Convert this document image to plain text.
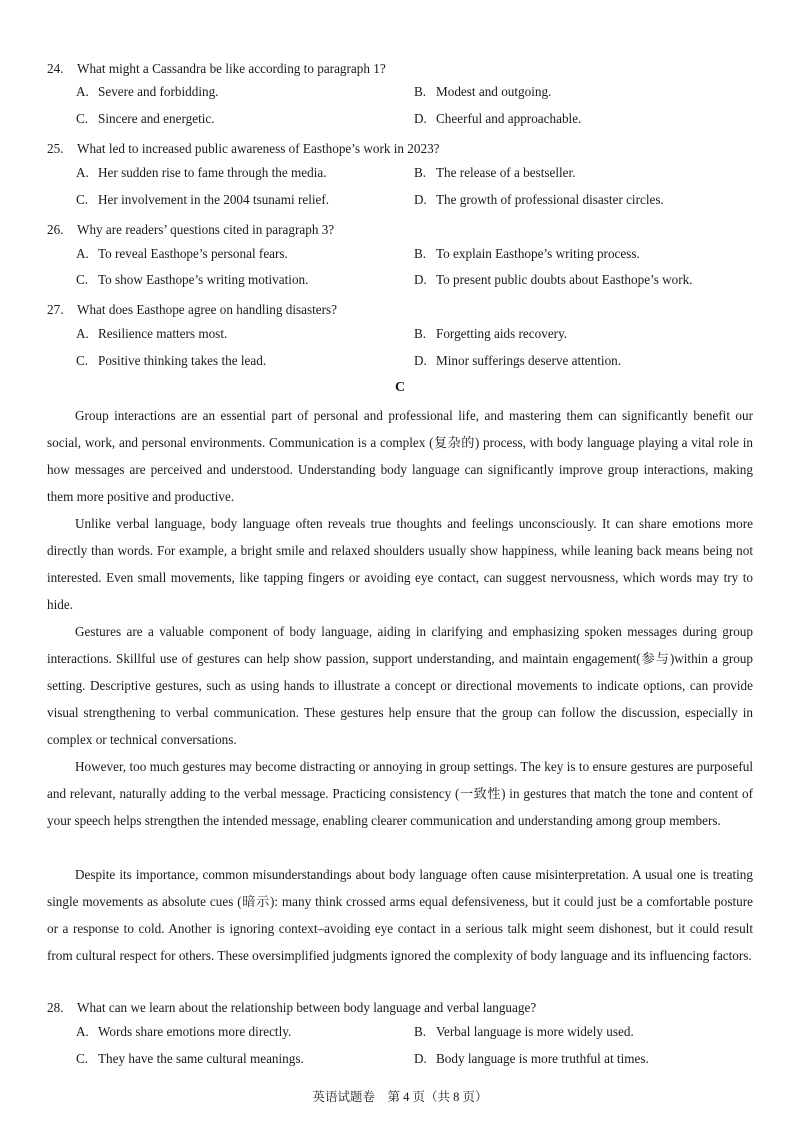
24. What might a Cassandra be like according to paragraph 1?
A. Severe and forbidding.	B. Modest and outgoing.
C. Sincere and energetic.	D. Cheerful and approachable.
25. What led to increased public awareness of Easthope’s work in 2023?
A. Her sudden rise to fame through the media.	B. The release of a bestseller.
C. Her involvement in the 2004 tsunami relief.	D. The growth of professional disaster circles.
26. Why are readers’ questions cited in paragraph 3?
A. To reveal Easthope’s personal fears.	B. To explain Easthope’s writing process.
C. To show Easthope’s writing motivation.	D. To present public doubts about Easthope’s work.
27. What does Easthope agree on handling disasters?
A. Resilience matters most.	B. Forgetting aids recovery.
C. Positive thinking takes the lead.	D. Minor sufferings deserve attention.
C
Group interactions are an essential part of personal and professional life, and mastering them can significantly benefit our social, work, and personal environments. Communication is a complex (复杂的) process, with body language playing a vital role in how messages are perceived and understood. Understanding body language can significantly improve group interactions, making them more positive and productive.
Unlike verbal language, body language often reveals true thoughts and feelings unconsciously. It can share emotions more directly than words. For example, a bright smile and relaxed shoulders usually show happiness, while leaning back means being not interested. Even small movements, like tapping fingers or avoiding eye contact, can suggest nervousness, which words may try to hide.
Gestures are a valuable component of body language, aiding in clarifying and emphasizing spoken messages during group interactions. Skillful use of gestures can help show passion, support understanding, and maintain engagement(参与)within a group setting. Descriptive gestures, such as using hands to illustrate a concept or directional movements to indicate options, can provide visual strengthening to verbal communication. These gestures help ensure that the group can follow the discussion, especially in complex or technical conversations.
However, too much gestures may become distracting or annoying in group settings. The key is to ensure gestures are purposeful and relevant, naturally adding to the verbal message. Practicing consistency (一致性) in gestures that match the tone and content of your speech helps strengthen the intended message, enabling clearer communication and understanding among group members.
Despite its importance, common misunderstandings about body language often cause misinterpretation. A usual one is treating single movements as absolute cues (暗示): many think crossed arms equal defensiveness, but it could just be a comfortable posture or a response to cold. Another is ignoring context–avoiding eye contact in a serious talk might seem dishonest, but it could result from cultural respect for others. These oversimplified judgments ignored the complexity of body language and its influencing factors.
28. What can we learn about the relationship between body language and verbal language?
A. Words share emotions more directly.	B. Verbal language is more widely used.
C. They have the same cultural meanings.	D. Body language is more truthful at times.
英语试题卷　第 4 页（共 8 页）
